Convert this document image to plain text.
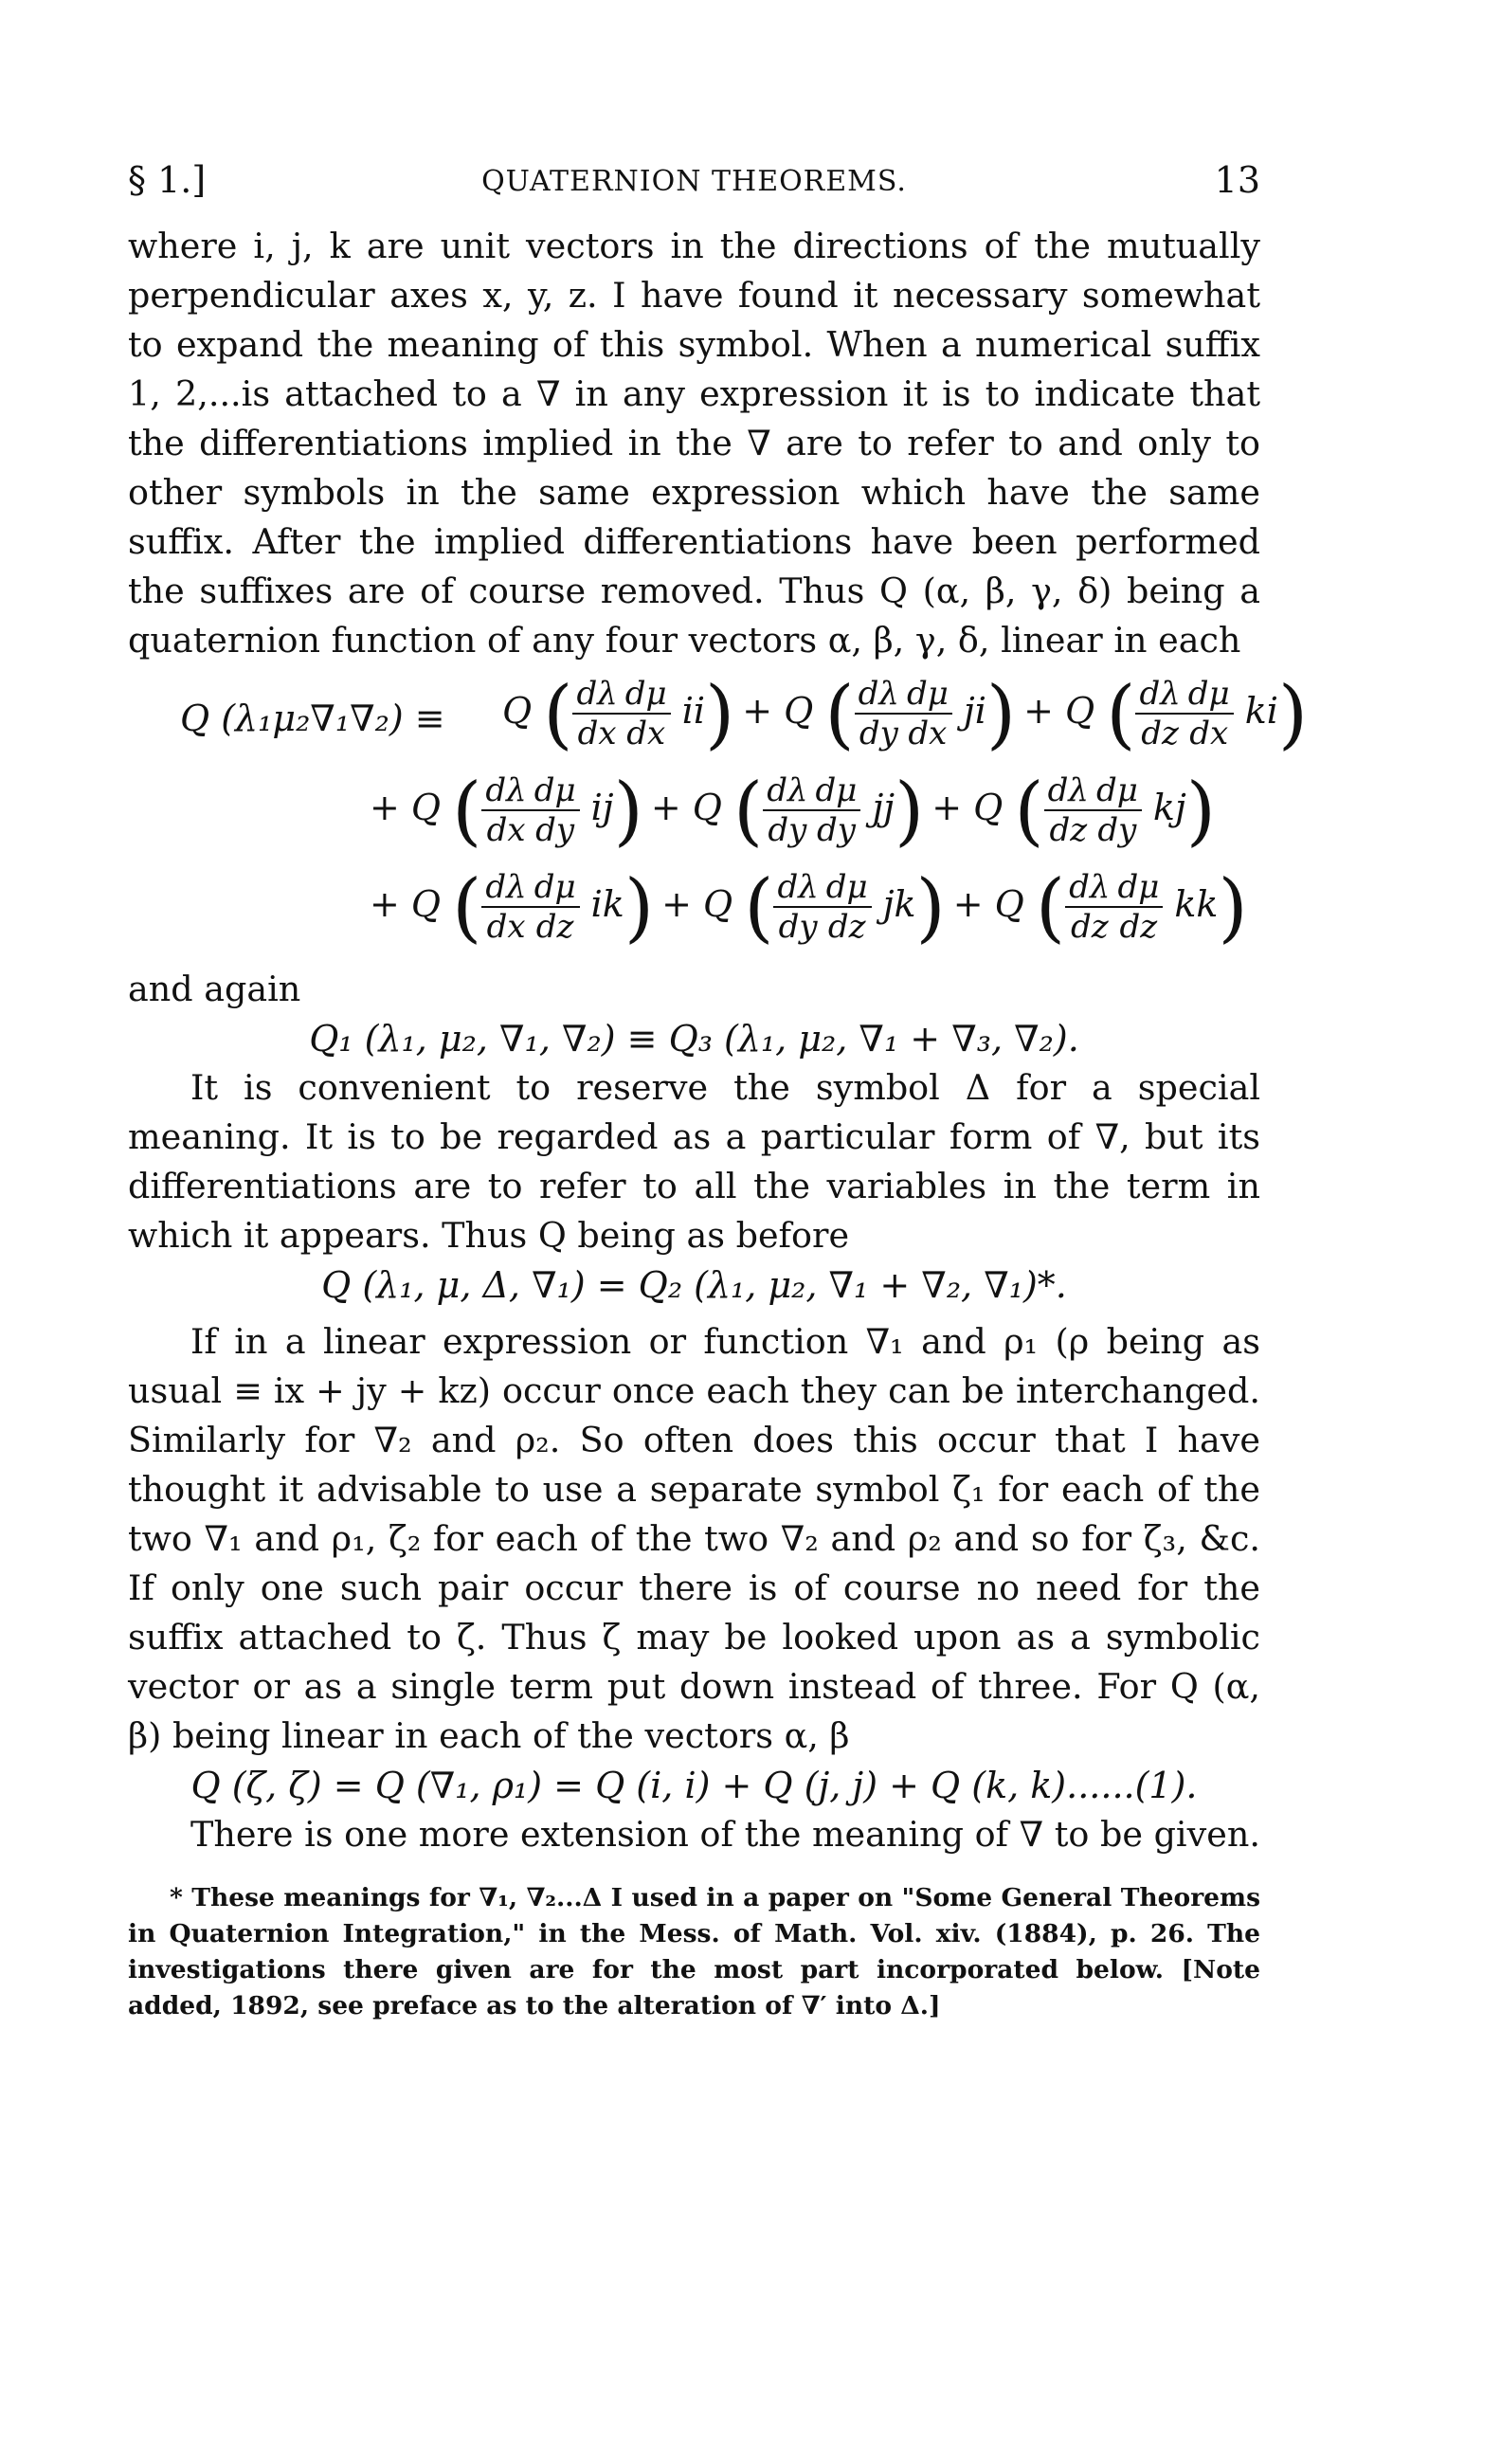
§ 1.]	QUATERNION THEOREMS.	13

where i, j, k are unit vectors in the directions of the mutually perpendicular axes x, y, z. I have found it necessary somewhat to expand the meaning of this symbol. When a numerical suffix 1, 2,...is attached to a ∇ in any expression it is to indicate that the differentiations implied in the ∇ are to refer to and only to other symbols in the same expression which have the same suffix. After the implied differentiations have been performed the suffixes are of course removed. Thus Q (α, β, γ, δ) being a quaternion function of any four vectors α, β, γ, δ, linear in each

Q (λ₁μ₂∇₁∇₂) ≡ Q ( $\frac{d\lambda}{dx} \frac{d\mu}{dx} ii) + Q$ ( $\frac{d\lambda}{dy} \frac{d\mu}{dx} ji) + Q$ ( $\frac{d\lambda}{dz} \frac{d\mu}{dx} ki$)
+ Q ( $\frac{d\lambda}{dx} \frac{d\mu}{dy} ij) + Q$ ( $\frac{d\lambda}{dy} \frac{d\mu}{dy} jj) + Q$ ( $\frac{d\lambda}{dz} \frac{d\mu}{dy} kj$)
+ Q ( $\frac{d\lambda}{dx} \frac{d\mu}{dz} ik) + Q$ ( $\frac{d\lambda}{dy} \frac{d\mu}{dz} jk) + Q$ ( $\frac{d\lambda}{dz} \frac{d\mu}{dz} kk$)

and again

Q₁ (λ₁, μ₂, ∇₁, ∇₂) ≡ Q₃ (λ₁, μ₂, ∇₁ + ∇₃, ∇₂).

It is convenient to reserve the symbol Δ for a special meaning. It is to be regarded as a particular form of ∇, but its differentiations are to refer to all the variables in the term in which it appears. Thus Q being as before

Q (λ₁, μ, Δ, ∇₁) = Q₂ (λ₁, μ₂, ∇₁ + ∇₂, ∇₁)*.

If in a linear expression or function ∇₁ and ρ₁ (ρ being as usual ≡ ix + jy + kz) occur once each they can be interchanged. Similarly for ∇₂ and ρ₂. So often does this occur that I have thought it advisable to use a separate symbol ζ₁ for each of the two ∇₁ and ρ₁, ζ₂ for each of the two ∇₂ and ρ₂ and so for ζ₃, &c. If only one such pair occur there is of course no need for the suffix attached to ζ. Thus ζ may be looked upon as a symbolic vector or as a single term put down instead of three. For Q (α, β) being linear in each of the vectors α, β

Q (ζ, ζ) = Q (∇₁, ρ₁) = Q (i, i) + Q (j, j) + Q (k, k)......(1).

There is one more extension of the meaning of ∇ to be given.

* These meanings for ∇₁, ∇₂...Δ I used in a paper on "Some General Theorems in Quaternion Integration," in the Mess. of Math. Vol. xiv. (1884), p. 26. The investigations there given are for the most part incorporated below. [Note added, 1892, see preface as to the alteration of ∇′ into Δ.]
